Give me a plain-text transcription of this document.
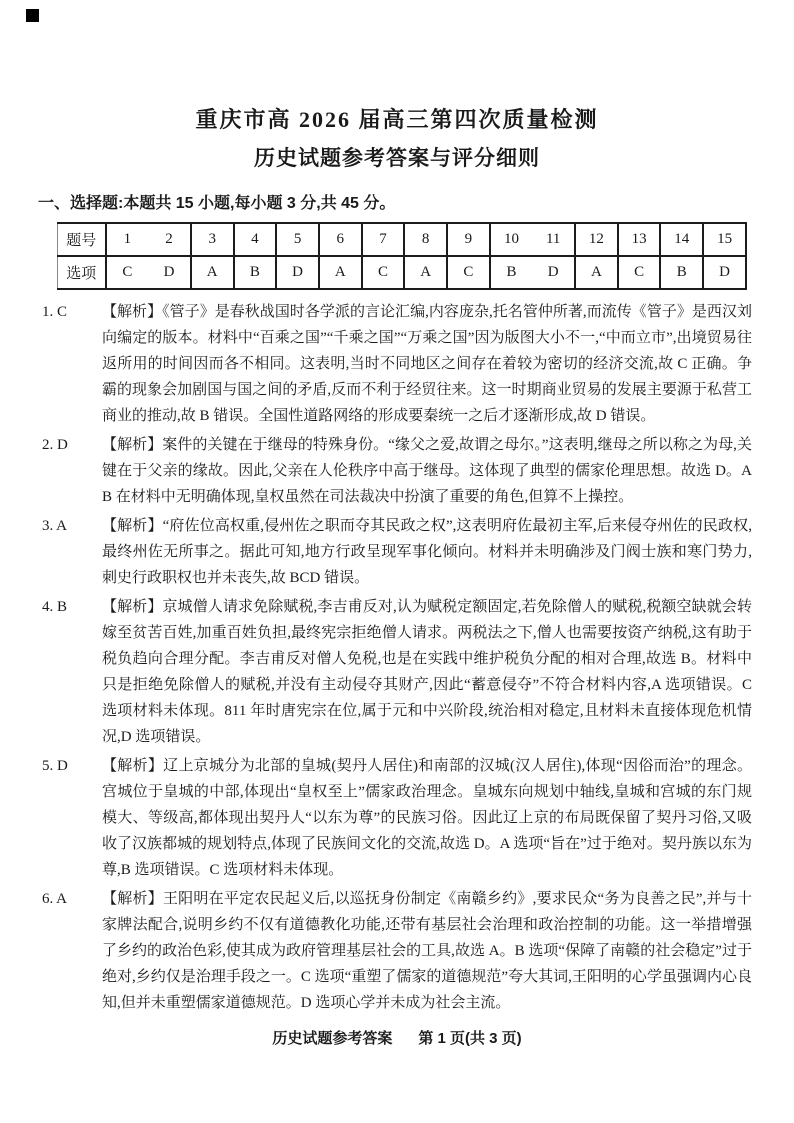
重庆市高 2026 届高三第四次质量检测
历史试题参考答案与评分细则
一、选择题:本题共 15 小题,每小题 3 分,共 45 分。
题号	1	2	3	4	5	6	7	8	9	10	11	12	13	14	15
选项	C	D	A	B	D	A	C	A	C	B	D	A	C	B	D
1. C	【解析】《管子》是春秋战国时各学派的言论汇编,内容庞杂,托名管仲所著,而流传《管子》是西汉刘向编定的版本。材料中“百乘之国”“千乘之国”“万乘之国”因为版图大小不一,“中而立市”,出境贸易往返所用的时间因而各不相同。这表明,当时不同地区之间存在着较为密切的经济交流,故 C 正确。争霸的现象会加剧国与国之间的矛盾,反而不利于经贸往来。这一时期商业贸易的发展主要源于私营工商业的推动,故 B 错误。全国性道路网络的形成要秦统一之后才逐渐形成,故 D 错误。
2. D	【解析】案件的关键在于继母的特殊身份。“缘父之爱,故谓之母尔。”这表明,继母之所以称之为母,关键在于父亲的缘故。因此,父亲在人伦秩序中高于继母。这体现了典型的儒家伦理思想。故选 D。AB 在材料中无明确体现,皇权虽然在司法裁决中扮演了重要的角色,但算不上操控。
3. A	【解析】“府佐位高权重,侵州佐之职而夺其民政之权”,这表明府佐最初主军,后来侵夺州佐的民政权,最终州佐无所事之。据此可知,地方行政呈现军事化倾向。材料并未明确涉及门阀士族和寒门势力,刺史行政职权也并未丧失,故 BCD 错误。
4. B	【解析】京城僧人请求免除赋税,李吉甫反对,认为赋税定额固定,若免除僧人的赋税,税额空缺就会转嫁至贫苦百姓,加重百姓负担,最终宪宗拒绝僧人请求。两税法之下,僧人也需要按资产纳税,这有助于税负趋向合理分配。李吉甫反对僧人免税,也是在实践中维护税负分配的相对合理,故选 B。材料中只是拒绝免除僧人的赋税,并没有主动侵夺其财产,因此“蓄意侵夺”不符合材料内容,A 选项错误。C 选项材料未体现。811 年时唐宪宗在位,属于元和中兴阶段,统治相对稳定,且材料未直接体现危机情况,D 选项错误。
5. D	【解析】辽上京城分为北部的皇城(契丹人居住)和南部的汉城(汉人居住),体现“因俗而治”的理念。宫城位于皇城的中部,体现出“皇权至上”儒家政治理念。皇城东向规划中轴线,皇城和宫城的东门规模大、等级高,都体现出契丹人“以东为尊”的民族习俗。因此辽上京的布局既保留了契丹习俗,又吸收了汉族都城的规划特点,体现了民族间文化的交流,故选 D。A 选项“旨在”过于绝对。契丹族以东为尊,B 选项错误。C 选项材料未体现。
6. A	【解析】王阳明在平定农民起义后,以巡抚身份制定《南赣乡约》,要求民众“务为良善之民”,并与十家牌法配合,说明乡约不仅有道德教化功能,还带有基层社会治理和政治控制的功能。这一举措增强了乡约的政治色彩,使其成为政府管理基层社会的工具,故选 A。B 选项“保障了南赣的社会稳定”过于绝对,乡约仅是治理手段之一。C 选项“重塑了儒家的道德规范”夸大其词,王阳明的心学虽强调内心良知,但并未重塑儒家道德规范。D 选项心学并未成为社会主流。
历史试题参考答案 第 1 页(共 3 页)
